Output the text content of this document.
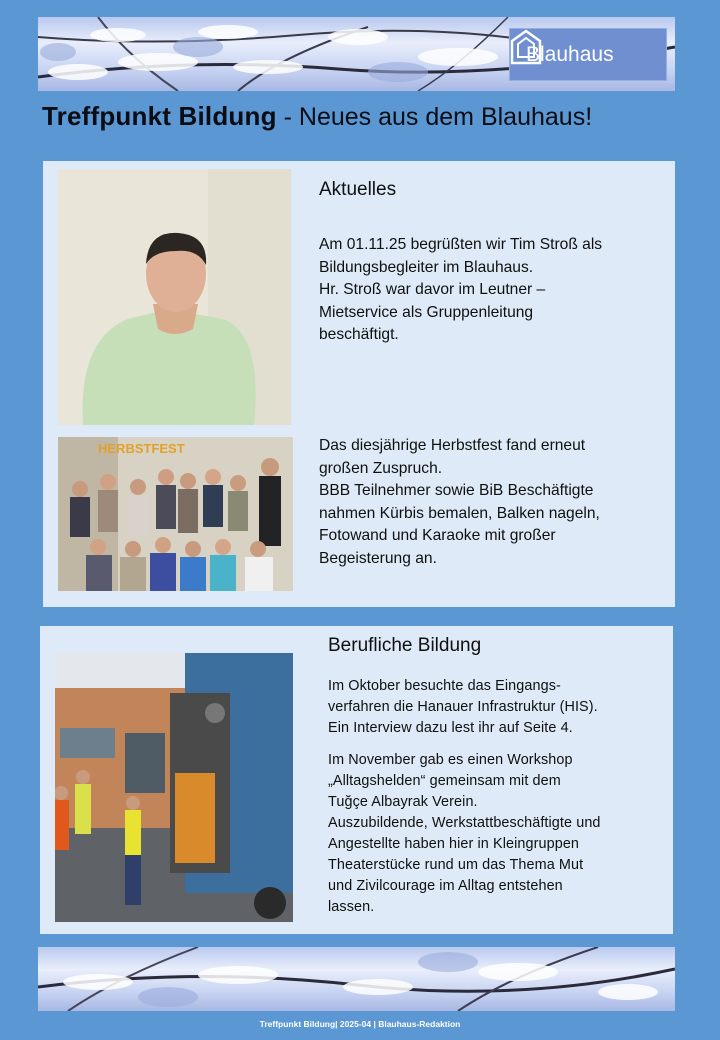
Blauhaus
Treffpunkt Bildung - Neues aus dem Blauhaus!
HERBSTFEST
Aktuelles
Am 01.11.25 begrüßten wir Tim Stroß als
Bildungsbegleiter im Blauhaus.
Hr. Stroß war davor im Leutner –
Mietservice als Gruppenleitung
beschäftigt.
Das diesjährige Herbstfest fand erneut
großen Zuspruch.
BBB Teilnehmer sowie BiB Beschäftigte
nahmen Kürbis bemalen, Balken nageln,
Fotowand und Karaoke mit großer
Begeisterung an.
Berufliche Bildung
Im Oktober besuchte das Eingangs-
verfahren die Hanauer Infrastruktur (HIS).
Ein Interview dazu lest ihr auf Seite 4.
Im November gab es einen Workshop
„Alltagshelden“ gemeinsam mit dem
Tuğçe Albayrak Verein.
Auszubildende, Werkstattbeschäftigte und
Angestellte haben hier in Kleingruppen
Theaterstücke rund um das Thema Mut
und Zivilcourage im Alltag entstehen
lassen.
Treffpunkt Bildung| 2025-04 | Blauhaus-Redaktion
